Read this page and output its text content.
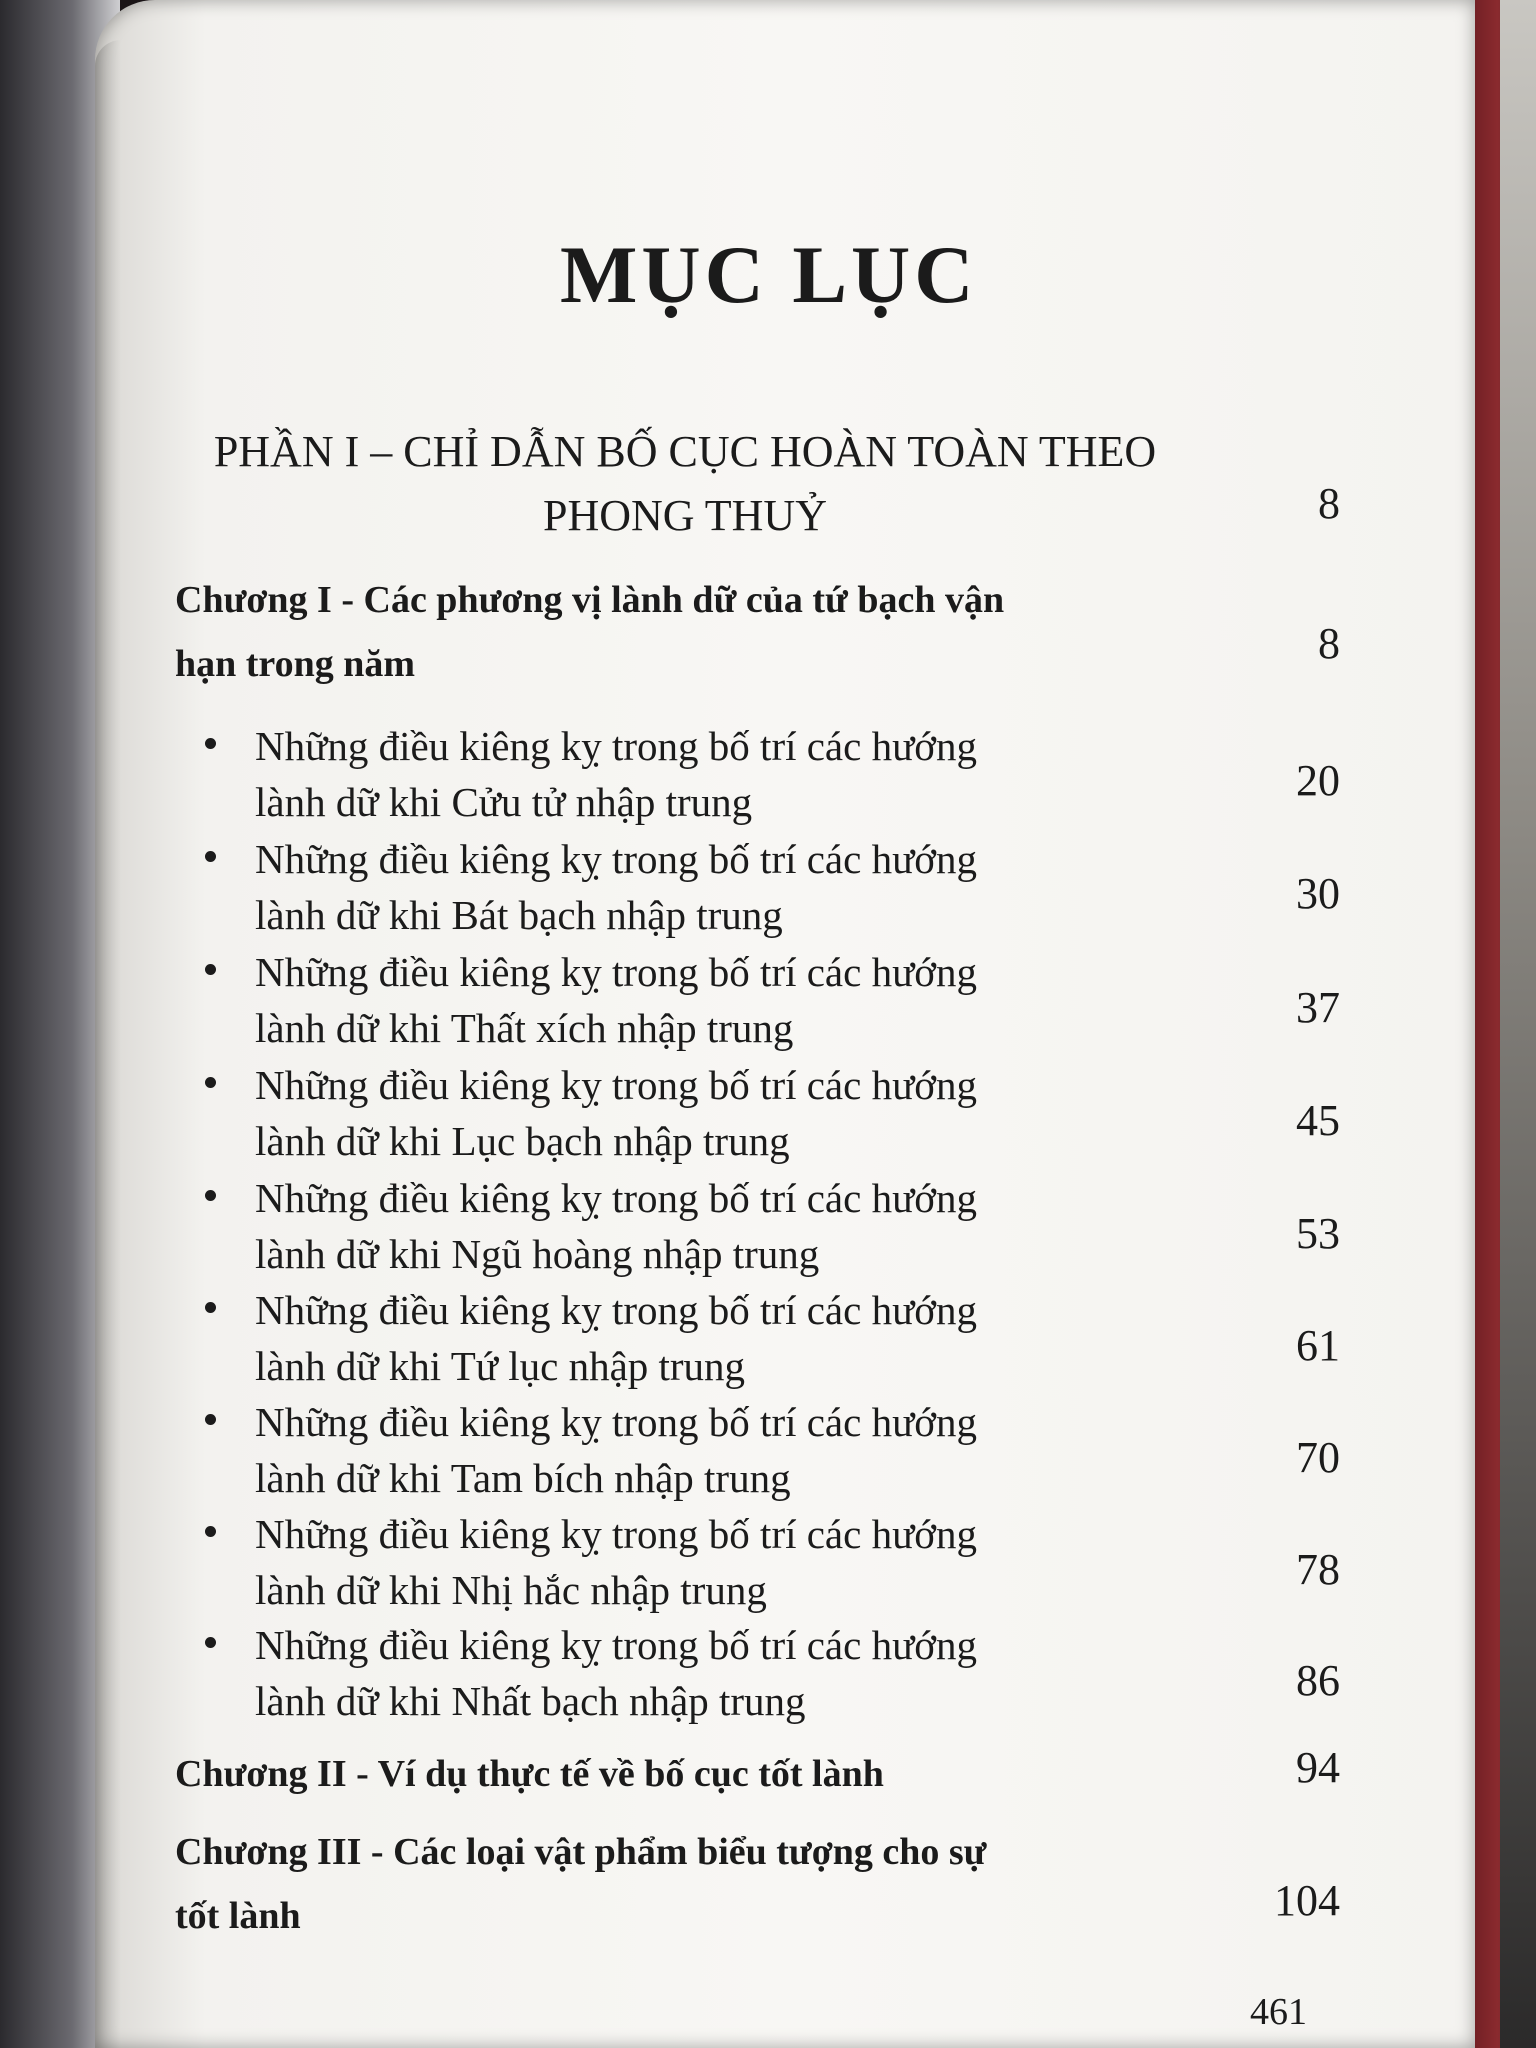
MỤC LỤC
PHẦN I – CHỈ DẪN BỐ CỤC HOÀN TOÀN THEO
PHONG THUỶ	8
8
20
30
37
45
53
61
70
78
86
94
104
Chương I - Các phương vị lành dữ của tứ bạch vận
hạn trong năm
Những điều kiêng kỵ trong bố trí các hướng
lành dữ khi Cửu tử nhập trung
Những điều kiêng kỵ trong bố trí các hướng
lành dữ khi Bát bạch nhập trung
Những điều kiêng kỵ trong bố trí các hướng
lành dữ khi Thất xích nhập trung
Những điều kiêng kỵ trong bố trí các hướng
lành dữ khi Lục bạch nhập trung
Những điều kiêng kỵ trong bố trí các hướng
lành dữ khi Ngũ hoàng nhập trung
Những điều kiêng kỵ trong bố trí các hướng
lành dữ khi Tứ lục nhập trung
Những điều kiêng kỵ trong bố trí các hướng
lành dữ khi Tam bích nhập trung
Những điều kiêng kỵ trong bố trí các hướng
lành dữ khi Nhị hắc nhập trung
Những điều kiêng kỵ trong bố trí các hướng
lành dữ khi Nhất bạch nhập trung
Chương II - Ví dụ thực tế về bố cục tốt lành
Chương III - Các loại vật phẩm biểu tượng cho sự
tốt lành
461
